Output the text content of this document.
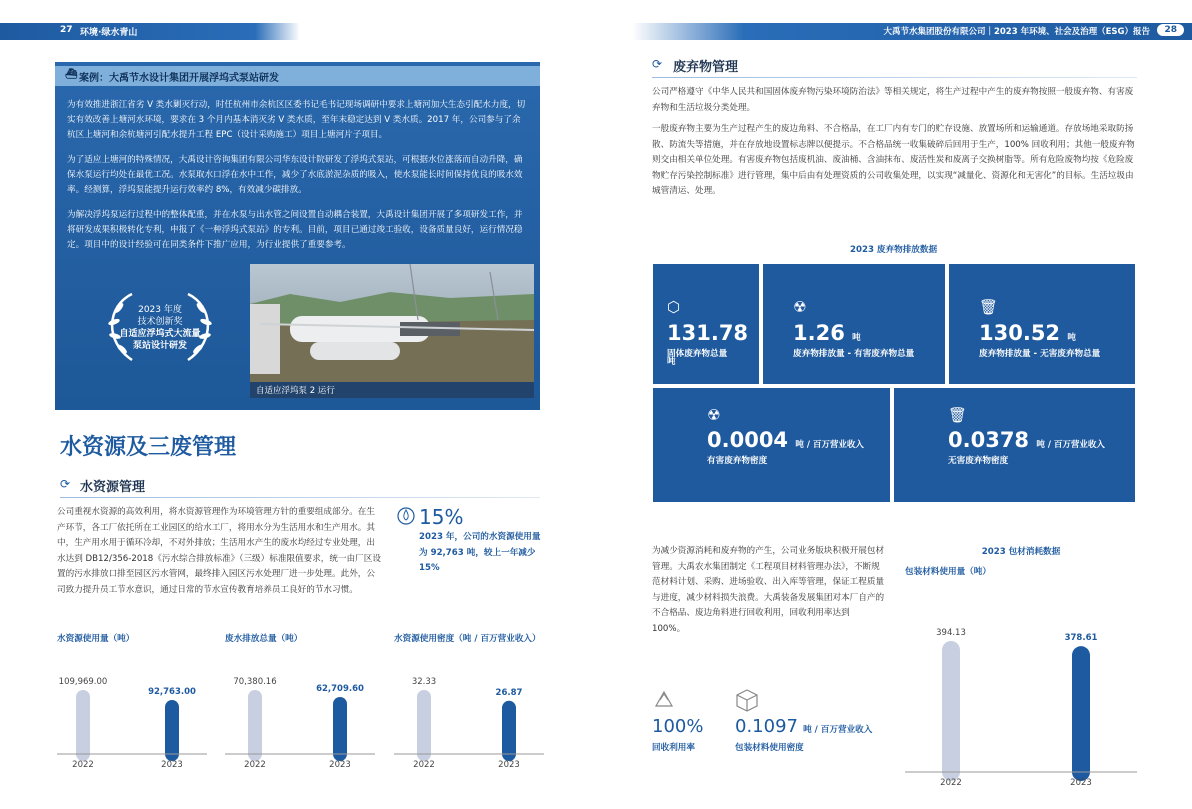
27 环境·绿水青山	大禹节水集团股份有限公司｜2023 年环境、社会及治理（ESG）报告	28

为有效推进浙江省劣 V 类水剿灭行动，时任杭州市余杭区区委书记毛书记现场调研中要求上塘河加大生态引配水力度，切实有效改善上塘河水环境，要求在 3 个月内基本消灭劣 V 类水质，至年末稳定达到 V 类水质。2017 年，公司参与了余杭区上塘河和余杭塘河引配水提升工程 EPC（设计采购施工）项目上塘河片子项目。

为了适应上塘河的特殊情况，大禹设计咨询集团有限公司华东设计院研发了浮坞式泵站，可根据水位涨落而自动升降，确保水泵运行均处在最优工况。水泵取水口浮在水中工作，减少了水底淤泥杂质的吸入，使水泵能长时间保持优良的吸水效率。经测算，浮坞泵能提升运行效率约 8%，有效减少碳排放。

为解决浮坞泵运行过程中的整体配重，并在水泵与出水管之间设置自动耦合装置，大禹设计集团开展了多项研发工作，并将研发成果积极转化专利，申报了《一种浮坞式泵站》的专利。目前，项目已通过竣工验收，设备质量良好，运行情况稳定。项目中的设计经验可在同类条件下推广应用，为行业提供了重要参考。

⛴ 案例：大禹节水设计集团开展浮坞式泵站研发
2023 年度
技术创新奖
自适应浮坞式大流量
泵站设计研发
自适应浮坞泵 2 运行
水资源及三废管理
⟳ 水资源管理
公司重视水资源的高效利用，将水资源管理作为环境管理方针的重要组成部分。在生产环节，各工厂依托所在工业园区的给水工厂，将用水分为生活用水和生产用水。其中，生产用水用于循环冷却，不对外排放；生活用水产生的废水均经过专业处理，出水达到 DB12/356-2018《污水综合排放标准》（三级）标准限值要求，统一由厂区设置的污水排放口排至园区污水管网，最终排入园区污水处理厂进一步处理。此外，公司致力提升员工节水意识，通过日常的节水宣传教育培养员工良好的节水习惯。
15%
2023 年，公司的水资源使用量为 92,763 吨，较上一年减少 15%
水资源使用量（吨）
109,969.00
2022
92,763.00
2023
废水排放总量（吨）
70,380.16
2022
62,709.60
2023
水资源使用密度（吨 / 百万营业收入）
32.33
2022
26.87
2023
⟳ 废弃物管理
公司严格遵守《中华人民共和国固体废弃物污染环境防治法》等相关规定，将生产过程中产生的废弃物按照一般废弃物、有害废弃物和生活垃圾分类处理。
一般废弃物主要为生产过程产生的废边角料、不合格品，在工厂内有专门的贮存设施、放置场所和运输通道。存放场地采取防扬散、防流失等措施，并在存放地设置标志牌以便提示。不合格品统一收集破碎后回用于生产，100% 回收利用；其他一般废弃物则交由相关单位处理。有害废弃物包括废机油、废油桶、含油抹布、废活性炭和废离子交换树脂等。所有危险废物均按《危险废物贮存污染控制标准》进行管理，集中后由有处理资质的公司收集处理，以实现“减量化、资源化和无害化”的目标。生活垃圾由城管清运、处理。
2023 废弃物排放数据
⬡
131.78 吨
固体废弃物总量
☢
1.26 吨
废弃物排放量 - 有害废弃物总量
🗑
130.52 吨
废弃物排放量 - 无害废弃物总量
☢
0.0004 吨 / 百万营业收入
有害废弃物密度
🗑
0.0378 吨 / 百万营业收入
无害废弃物密度
为减少资源消耗和废弃物的产生，公司业务版块积极开展包材管理。大禹农水集团制定《工程项目材料管理办法》，不断规范材料计划、采购、进场验收、出入库等管理，保证工程质量与进度，减少材料损失浪费。大禹装备发展集团对本厂自产的不合格品、废边角料进行回收利用，回收利用率达到 100%。
100%
回收利用率
0.1097 吨 / 百万营业收入
包装材料使用密度
2023 包材消耗数据
包装材料使用量（吨）
394.13
2022
378.61
2023
